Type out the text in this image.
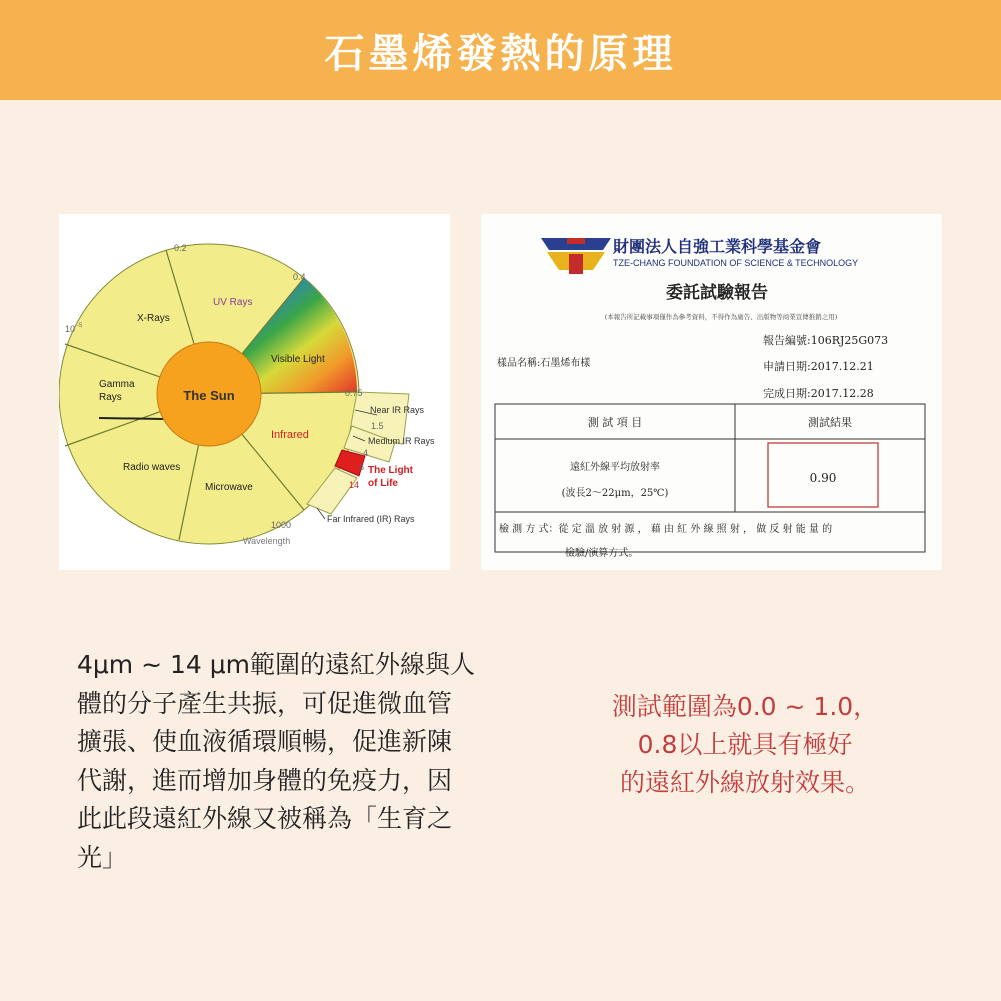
石墨烯發熱的原理
The Sun
X-Rays
UV Rays
Visible Light
Gamma
Rays
Infrared
Radio waves
Microwave
0.2
0.4
10 -5
0.75
1.5
4
6
14
1000
Near IR Rays
Medium IR Rays
The Light
of Life
Far Infrared (IR) Rays
Wavelength
財團法人自強工業科學基金會
TZE-CHANG FOUNDATION OF SCIENCE & TECHNOLOGY
委託試驗報告
(本報告所記載事項僅作為參考資料，不得作為廣告、出版物等商業宣傳推銷之用)
報告編號:106RJ25G073
樣品名稱:石墨烯布樣	申請日期:2017.12.21
完成日期:2017.12.28
測 試 項 目	測試結果
遠紅外線平均放射率
(波長2～22μm，25℃)
0.90
檢 測 方 式：從 定 溫 放 射 源 ， 藉 由 紅 外 線 照 射 ， 做 反 射 能 量 的
檢驗/演算方式。
4μm ~ 14 μm範圍的遠紅外線與人
體的分子產生共振，可促進微血管
擴張、使血液循環順暢，促進新陳
代謝，進而增加身體的免疫力，因
此此段遠紅外線又被稱為「生育之
光」
測試範圍為0.0 ~ 1.0，
0.8以上就具有極好
的遠紅外線放射效果。
